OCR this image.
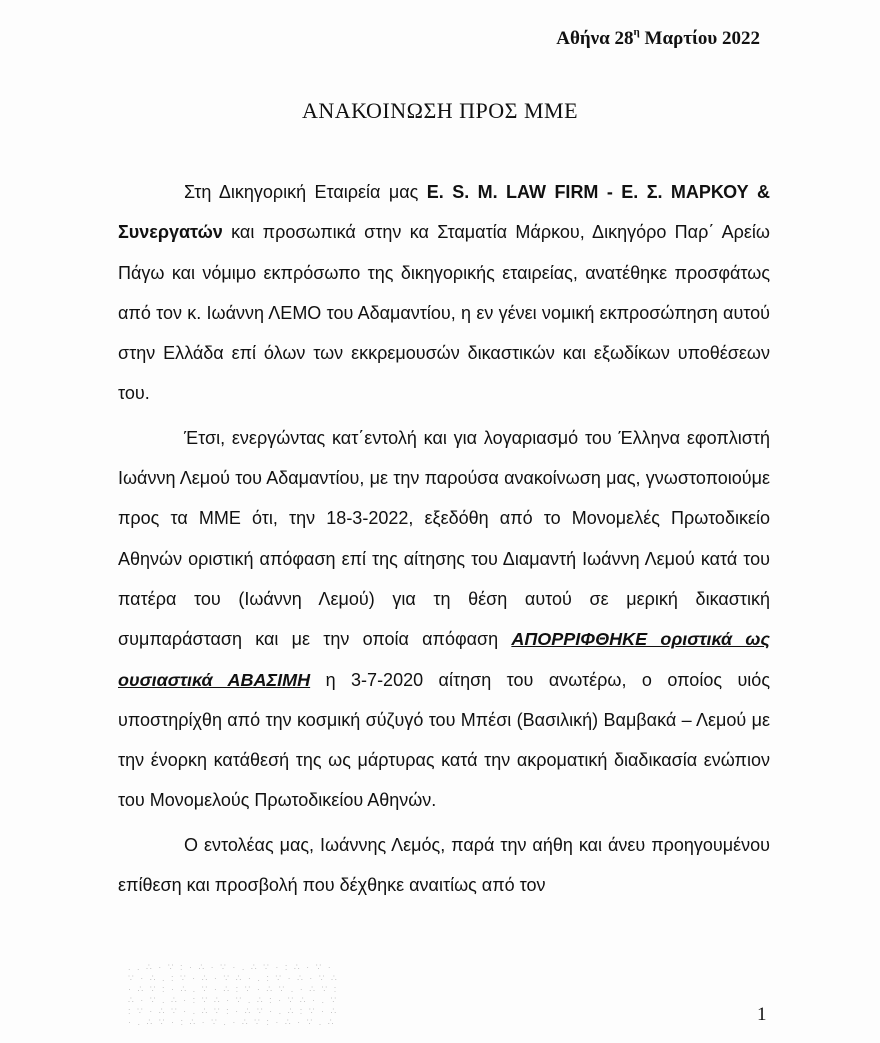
Αθήνα $28^\eta$ Μαρτίου 2022
ΑΝΑΚΟΙΝΩΣΗ ΠΡΟΣ ΜΜΕ

Στη Δικηγορική Εταιρεία μας E. S. M. LAW FIRM - Ε. Σ. ΜΑΡΚΟΥ & Συνεργατών και προσωπικά στην κα Σταματία Μάρκου, Δικηγόρο Παρ΄ Αρείω Πάγω και νόμιμο εκπρόσωπο της δικηγορικής εταιρείας, ανατέθηκε προσφάτως από τον κ. Ιωάννη ΛΕΜΟ του Αδαμαντίου, η εν γένει νομική εκπροσώπηση αυτού στην Ελλάδα επί όλων των εκκρεμουσών δικαστικών και εξωδίκων υποθέσεων του.

Έτσι, ενεργώντας κατ΄εντολή και για λογαριασμό του Έλληνα εφοπλιστή Ιωάννη Λεμού του Αδαμαντίου, με την παρούσα ανακοίνωση μας, γνωστοποιούμε προς τα ΜΜΕ ότι, την 18-3-2022, εξεδόθη από το Μονομελές Πρωτοδικείο Αθηνών οριστική απόφαση επί της αίτησης του Διαμαντή Ιωάννη Λεμού κατά του πατέρα του (Ιωάννη Λεμού) για τη θέση αυτού σε μερική δικαστική συμπαράσταση και με την οποία απόφαση ΑΠΟΡΡΙΦΘΗΚΕ οριστικά ως ουσιαστικά ΑΒΑΣΙΜΗ η 3-7-2020 αίτηση του ανωτέρω, ο οποίος υιός υποστηρίχθη από την κοσμική σύζυγό του Μπέσι (Βασιλική) Βαμβακά – Λεμού με την ένορκη κατάθεσή της ως μάρτυρας κατά την ακροματική διαδικασία ενώπιον του Μονομελούς Πρωτοδικείου Αθηνών.

Ο εντολέας μας, Ιωάννης Λεμός, παρά την αήθη και άνευ προηγουμένου επίθεση και προσβολή που δέχθηκε αναιτίως από τον

. . ∴ · ∵ : · ∴ · ∵ · . ∴ ∵ · : ∴ · ∵ ·
∵ · ∴ . : ∵ · ∴ · ∵ ∴ · . : ∵ · ∴ · ∵ ∴
· ∴ ∵ : · ∴ . ∵ · ∴ : ∵ · ∴ ∵ . · ∴ ∵ :
∴ · ∵ . ∴ · : ∵ ∴ · ∵ . ∴ : · ∵ ∴ · . ∵
: ∵ · ∴ ∵ · . ∴ ∵ : · ∴ ∵ · . ∴ : ∵ · ∴
· . ∴ ∵ · : ∴ · ∵ . · ∴ ∵ : · ∴ · ∵ . ∴	1
